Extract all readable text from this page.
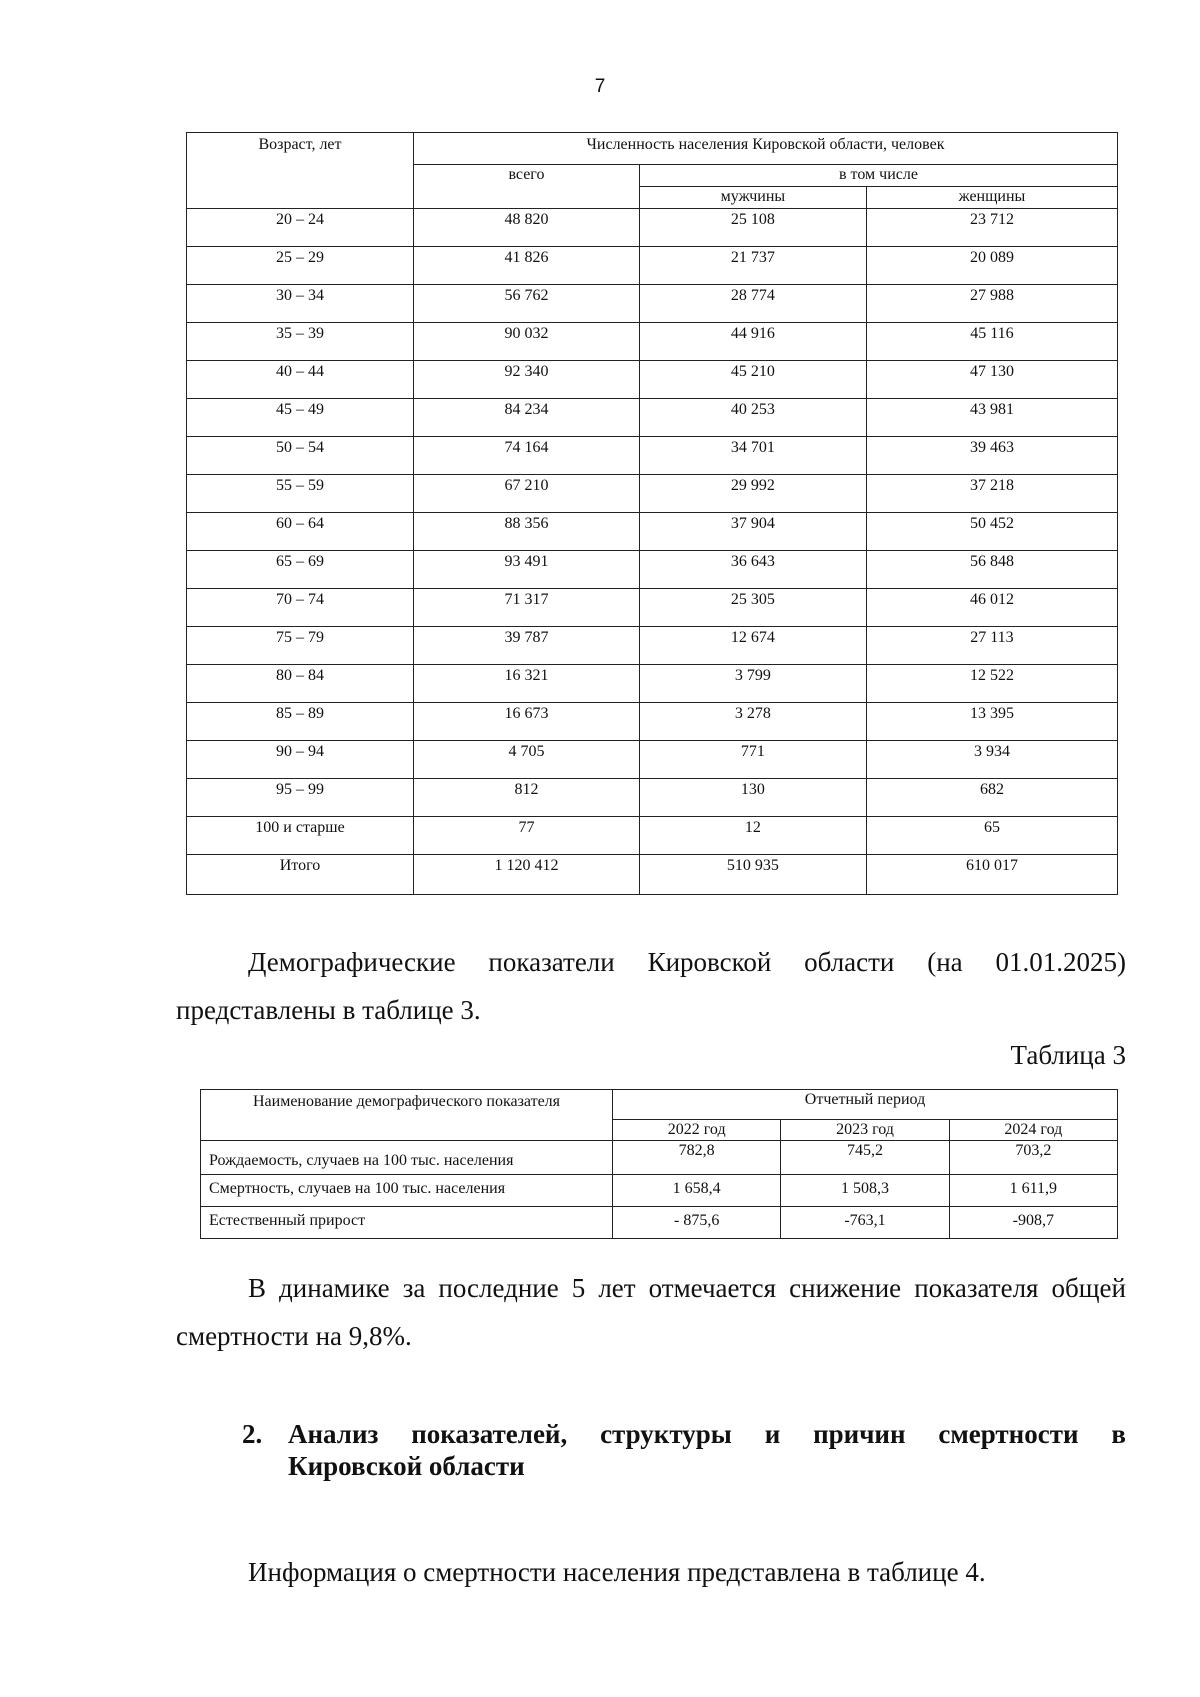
7
Возраст, лет	Численность населения Кировской области, человек		
	всего	в том числе	
		мужчины	женщины
20 – 24	48 820	25 108	23 712
25 – 29	41 826	21 737	20 089
30 – 34	56 762	28 774	27 988
35 – 39	90 032	44 916	45 116
40 – 44	92 340	45 210	47 130
45 – 49	84 234	40 253	43 981
50 – 54	74 164	34 701	39 463
55 – 59	67 210	29 992	37 218
60 – 64	88 356	37 904	50 452
65 – 69	93 491	36 643	56 848
70 – 74	71 317	25 305	46 012
75 – 79	39 787	12 674	27 113
80 – 84	16 321	3 799	12 522
85 – 89	16 673	3 278	13 395
90 – 94	4 705	771	3 934
95 – 99	812	130	682
100 и старше	77	12	65
Итого	1 120 412	510 935	610 017
Демографические показатели Кировской области (на 01.01.2025)
представлены в таблице 3.
Таблица 3
Наименование демографического показателя	Отчетный период		
	2022 год	2023 год	2024 год
Рождаемость, случаев на 100 тыс. населения	782,8	745,2	703,2
Смертность, случаев на 100 тыс. населения	1 658,4	1 508,3	1 611,9
Естественный прирост	- 875,6	-763,1	-908,7
В динамике за последние 5 лет отмечается снижение показателя общей смертности на 9,8%.
2. Анализ показателей, структуры и причин смертности в
Кировской области
Информация о смертности населения представлена в таблице 4.
